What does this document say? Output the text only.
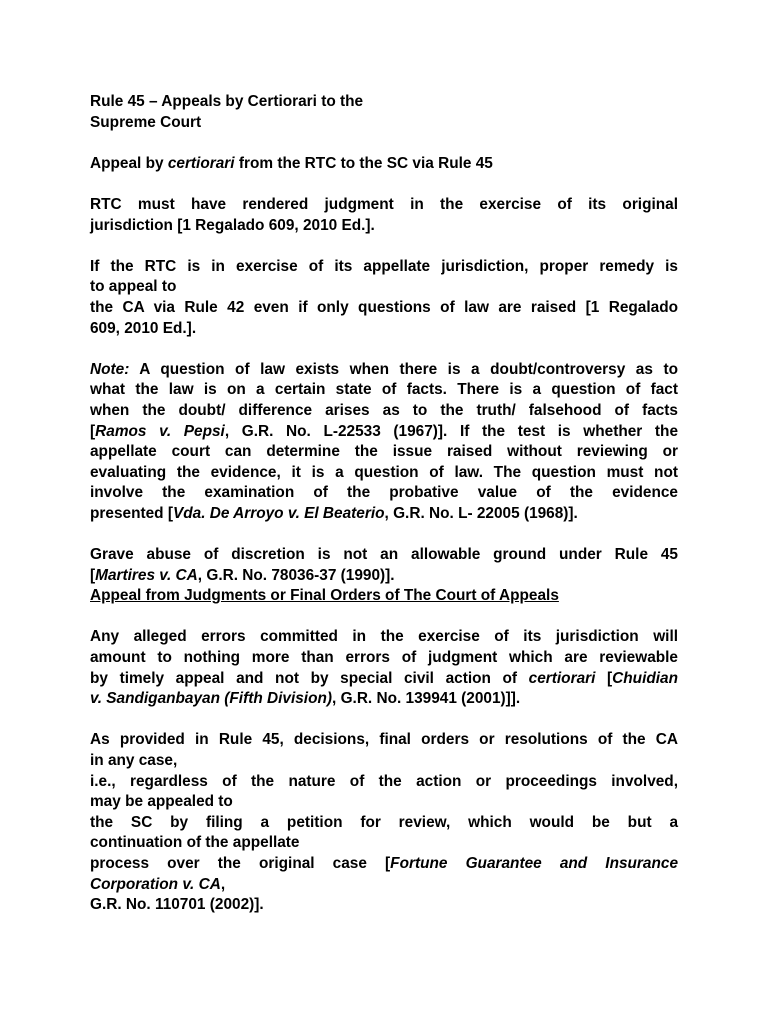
Rule 45 – Appeals by Certiorari to the
Supreme Court
Appeal by certiorari from the RTC to the SC via Rule 45
RTC must have rendered judgment in the exercise of its original
jurisdiction [1 Regalado 609, 2010 Ed.].
If the RTC is in exercise of its appellate jurisdiction, proper remedy is
to appeal to
the CA via Rule 42 even if only questions of law are raised [1 Regalado
609, 2010 Ed.].
Note: A question of law exists when there is a doubt/controversy as to
what the law is on a certain state of facts. There is a question of fact
when the doubt/ difference arises as to the truth/ falsehood of facts
[Ramos v. Pepsi, G.R. No. L-22533 (1967)]. If the test is whether the
appellate court can determine the issue raised without reviewing or
evaluating the evidence, it is a question of law. The question must not
involve the examination of the probative value of the evidence
presented [Vda. De Arroyo v. El Beaterio, G.R. No. L- 22005 (1968)].
Grave abuse of discretion is not an allowable ground under Rule 45
[Martires v. CA, G.R. No. 78036-37 (1990)].
Appeal from Judgments or Final Orders of The Court of Appeals
Any alleged errors committed in the exercise of its jurisdiction will
amount to nothing more than errors of judgment which are reviewable
by timely appeal and not by special civil action of certiorari [Chuidian
v. Sandiganbayan (Fifth Division), G.R. No. 139941 (2001)]].
As provided in Rule 45, decisions, final orders or resolutions of the CA
in any case,
i.e., regardless of the nature of the action or proceedings involved,
may be appealed to
the SC by filing a petition for review, which would be but a
continuation of the appellate
process over the original case [Fortune Guarantee and Insurance
Corporation v. CA,
G.R. No. 110701 (2002)].
